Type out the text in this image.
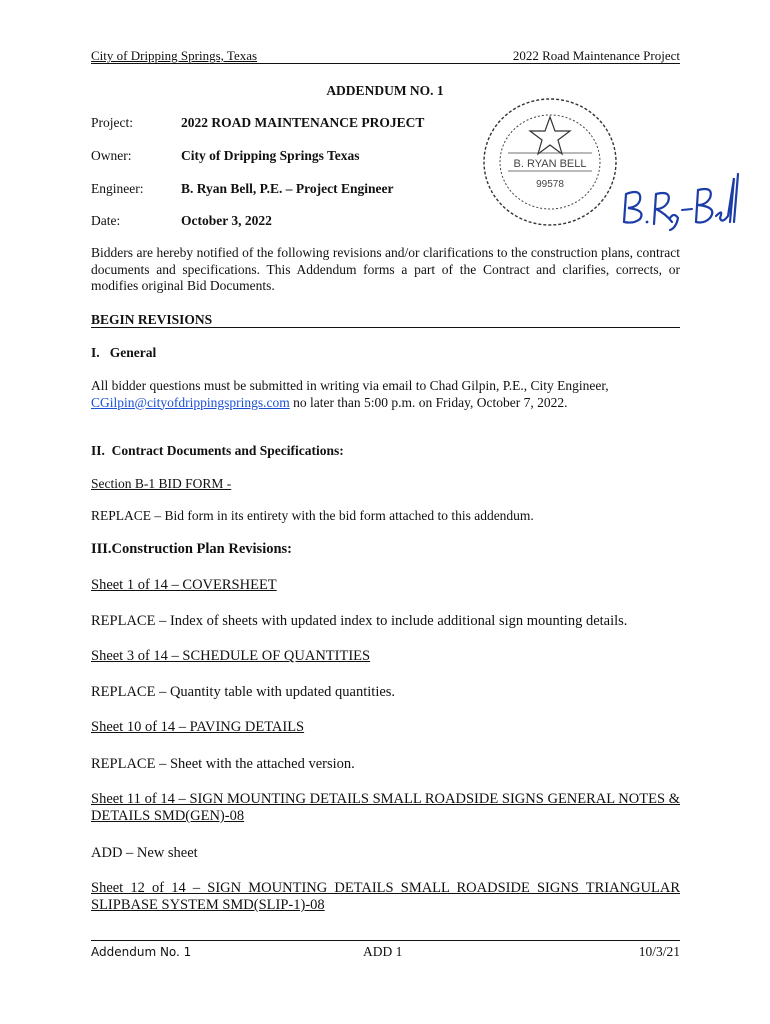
City of Dripping Springs, Texas	2022 Road Maintenance Project
ADDENDUM NO. 1
Project:	2022 ROAD MAINTENANCE PROJECT
Owner:	City of Dripping Springs Texas
Engineer:	B. Ryan Bell, P.E. – Project Engineer
Date:	October 3, 2022
B. RYAN BELL
99578
Bidders are hereby notified of the following revisions and/or clarifications to the construction plans, contract documents and specifications. This Addendum forms a part of the Contract and clarifies, corrects, or modifies original Bid Documents.
BEGIN REVISIONS
I.   General
All bidder questions must be submitted in writing via email to Chad Gilpin, P.E., City Engineer,
CGilpin@cityofdrippingsprings.com no later than 5:00 p.m. on Friday, October 7, 2022.
II.  Contract Documents and Specifications:
Section B-1 BID FORM -
REPLACE – Bid form in its entirety with the bid form attached to this addendum.
III.Construction Plan Revisions:
Sheet 1 of 14 – COVERSHEET
REPLACE – Index of sheets with updated index to include additional sign mounting details.
Sheet 3 of 14 – SCHEDULE OF QUANTITIES
REPLACE – Quantity table with updated quantities.
Sheet 10 of 14 – PAVING DETAILS
REPLACE – Sheet with the attached version.
Sheet 11 of 14 – SIGN MOUNTING DETAILS SMALL ROADSIDE SIGNS GENERAL NOTES & DETAILS SMD(GEN)-08
ADD – New sheet
Sheet 12 of 14 – SIGN MOUNTING DETAILS SMALL ROADSIDE SIGNS TRIANGULAR SLIPBASE SYSTEM SMD(SLIP-1)-08
Addendum No. 1	ADD 1	10/3/21
